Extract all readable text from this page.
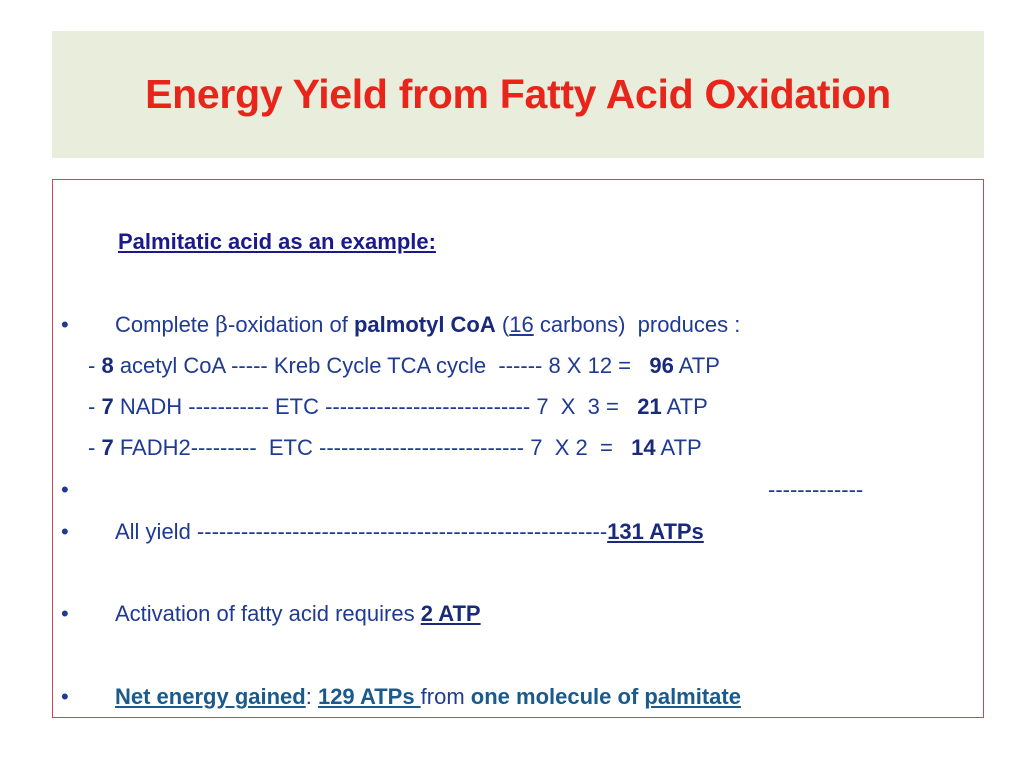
Energy Yield from Fatty Acid Oxidation
Palmitatic acid as an example:
• Complete β-oxidation of palmotyl CoA (16 carbons)  produces :
- 8 acetyl CoA ----- Kreb Cycle TCA cycle  ------ 8 X 12 =   96 ATP
- 7 NADH ----------- ETC ---------------------------- 7  X  3 =   21 ATP
- 7 FADH2---------  ETC ---------------------------- 7  X 2  =   14 ATP
•	-------------
• All yield --------------------------------------------------------131 ATPs
• Activation of fatty acid requires 2 ATP
• Net energy gained: 129 ATPs from one molecule of palmitate
